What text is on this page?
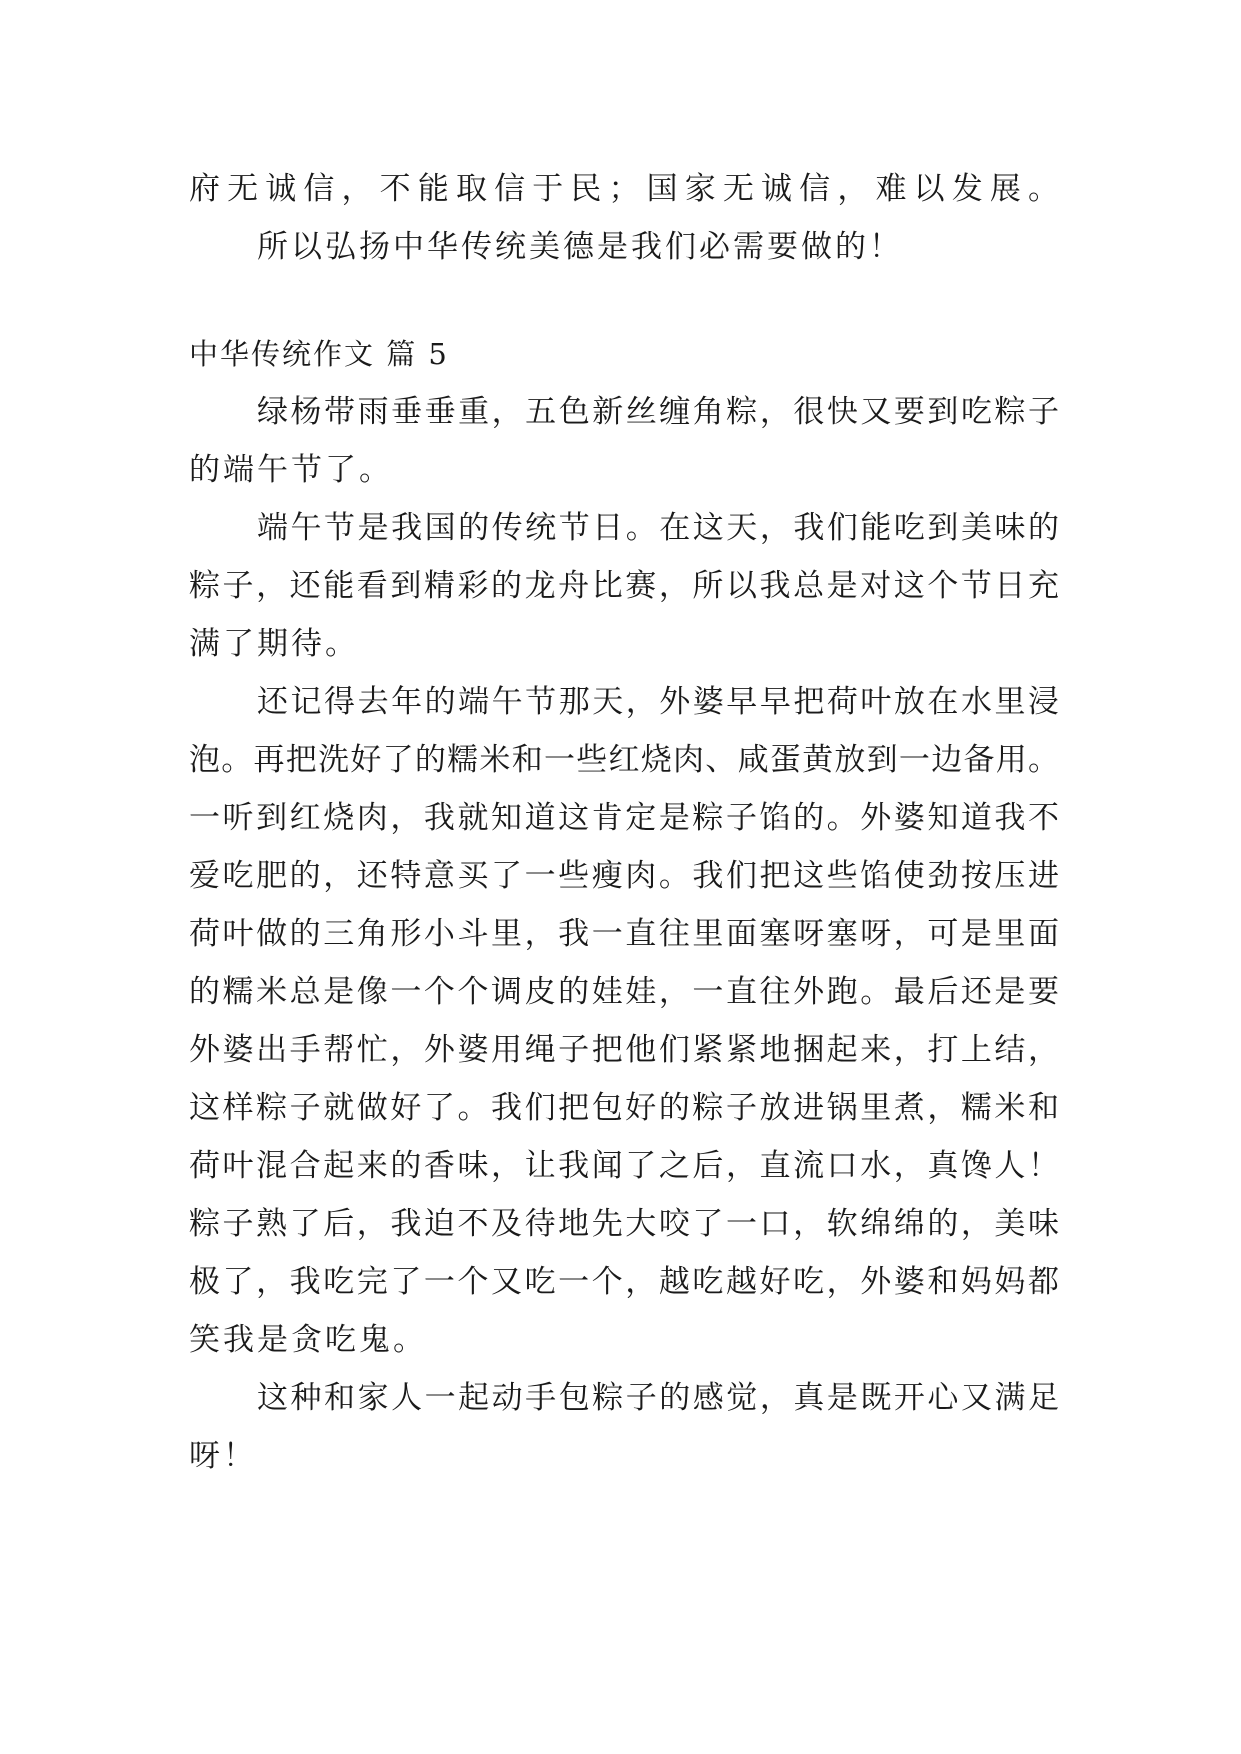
府无诚信，不能取信于民；国家无诚信，难以发展。
所以弘扬中华传统美德是我们必需要做的！
中华传统作文 篇 5
绿杨带雨垂垂重，五色新丝缠角粽，很快又要到吃粽子
的端午节了。
端午节是我国的传统节日。在这天，我们能吃到美味的
粽子，还能看到精彩的龙舟比赛，所以我总是对这个节日充
满了期待。
还记得去年的端午节那天，外婆早早把荷叶放在水里浸
泡。再把洗好了的糯米和一些红烧肉、咸蛋黄放到一边备用。
一听到红烧肉，我就知道这肯定是粽子馅的。外婆知道我不
爱吃肥的，还特意买了一些瘦肉。我们把这些馅使劲按压进
荷叶做的三角形小斗里，我一直往里面塞呀塞呀，可是里面
的糯米总是像一个个调皮的娃娃，一直往外跑。最后还是要
外婆出手帮忙，外婆用绳子把他们紧紧地捆起来，打上结，
这样粽子就做好了。我们把包好的粽子放进锅里煮，糯米和
荷叶混合起来的香味，让我闻了之后，直流口水，真馋人！
粽子熟了后，我迫不及待地先大咬了一口，软绵绵的，美味
极了，我吃完了一个又吃一个，越吃越好吃，外婆和妈妈都
笑我是贪吃鬼。
这种和家人一起动手包粽子的感觉，真是既开心又满足
呀！
